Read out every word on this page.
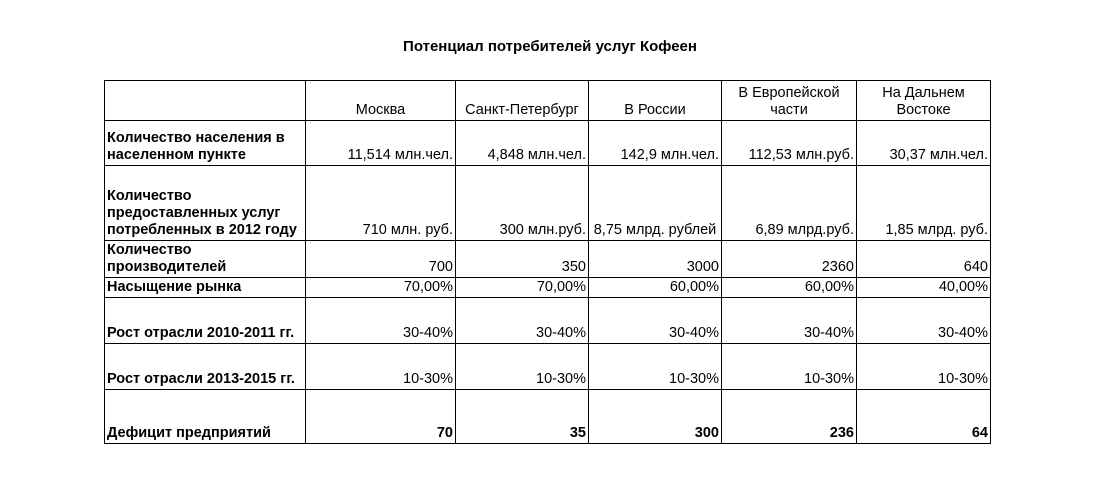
Потенциал потребителей услуг Кофеен
	Москва	Санкт-Петербург	В России	В Европейской части	На Дальнем Востоке
Количество населения в населенном пункте	11,514 млн.чел.	4,848 млн.чел.	142,9 млн.чел.	112,53 млн.руб.	30,37 млн.чел.
Количество предоставленных услуг потребленных в 2012 году	710 млн. руб.	300 млн.руб.	8,75 млрд. рублей	6,89 млрд.руб.	1,85 млрд. руб.
Количество производителей	700	350	3000	2360	640
Насыщение рынка	70,00%	70,00%	60,00%	60,00%	40,00%
Рост отрасли 2010-2011 гг.	30-40%	30-40%	30-40%	30-40%	30-40%
Рост отрасли 2013-2015 гг.	10-30%	10-30%	10-30%	10-30%	10-30%
Дефицит предприятий	70	35	300	236	64
